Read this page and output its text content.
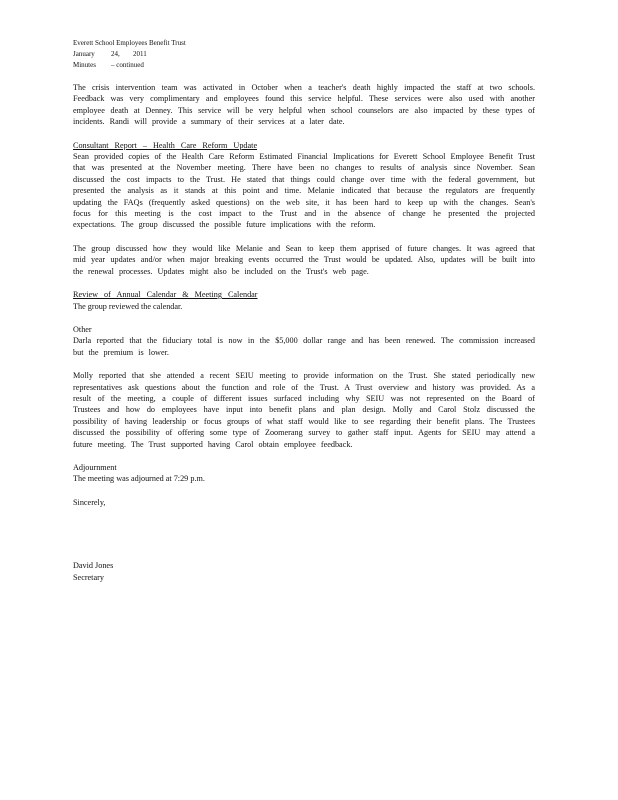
Everett School Employees Benefit Trust
January	24,	2011
Minutes	– continued

The crisis intervention team was activated in October when a teacher's death highly impacted the staff at two schools. Feedback was very complimentary and employees found this service helpful. These services were also used with another employee death at Denney. This service will be very helpful when school counselors are also impacted by these types of incidents. Randi will provide a summary of their services at a later date.

Consultant Report – Health Care Reform Update

Sean provided copies of the Health Care Reform Estimated Financial Implications for Everett School Employee Benefit Trust that was presented at the November meeting. There have been no changes to results of analysis since November. Sean discussed the cost impacts to the Trust. He stated that things could change over time with the federal government, but presented the analysis as it stands at this point and time. Melanie indicated that because the regulators are frequently updating the FAQs (frequently asked questions) on the web site, it has been hard to keep up with the changes. Sean's focus for this meeting is the cost impact to the Trust and in the absence of change he presented the projected expectations. The group discussed the possible future implications with the reform.

The group discussed how they would like Melanie and Sean to keep them apprised of future changes. It was agreed that mid year updates and/or when major breaking events occurred the Trust would be updated. Also, updates will be built into the renewal processes. Updates might also be included on the Trust's web page.

Review of Annual Calendar & Meeting Calendar

The group reviewed the calendar.

Other

Darla reported that the fiduciary total is now in the $5,000 dollar range and has been renewed. The commission increased but the premium is lower.

Molly reported that she attended a recent SEIU meeting to provide information on the Trust. She stated periodically new representatives ask questions about the function and role of the Trust. A Trust overview and history was provided. As a result of the meeting, a couple of different issues surfaced including why SEIU was not represented on the Board of Trustees and how do employees have input into benefit plans and plan design. Molly and Carol Stolz discussed the possibility of having leadership or focus groups of what staff would like to see regarding their benefit plans. The Trustees discussed the possibility of offering some type of Zoomerang survey to gather staff input. Agents for SEIU may attend a future meeting. The Trust supported having Carol obtain employee feedback.

Adjournment

The meeting was adjourned at 7:29 p.m.

Sincerely,

David Jones

Secretary
